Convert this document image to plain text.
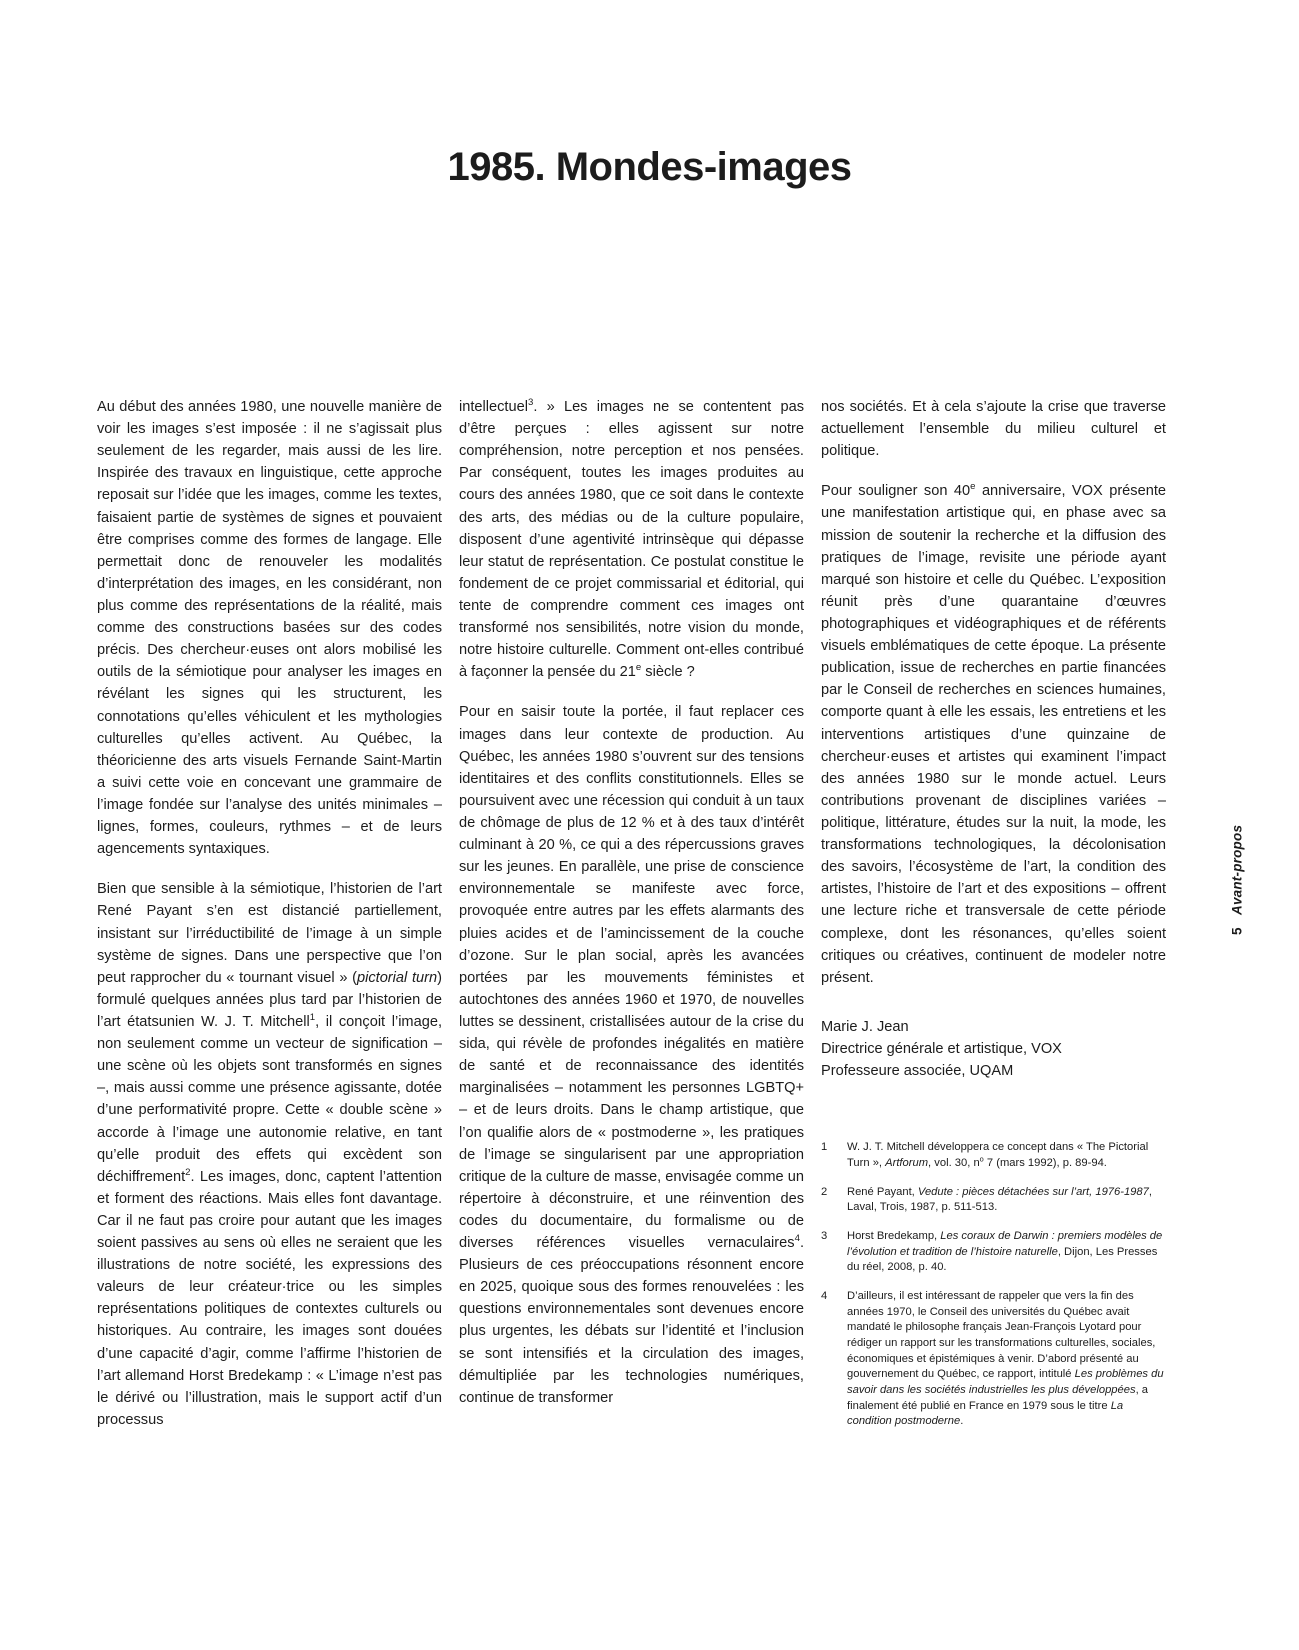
1985. Mondes-images

Au début des années 1980, une nouvelle manière de voir les images s’est imposée : il ne s’agissait plus seulement de les regarder, mais aussi de les lire. Inspirée des travaux en linguistique, cette approche reposait sur l’idée que les images, comme les textes, faisaient partie de systèmes de signes et pouvaient être comprises comme des formes de langage. Elle permettait donc de renouveler les modalités d’interprétation des images, en les considérant, non plus comme des représentations de la réalité, mais comme des constructions basées sur des codes précis. Des chercheur·euses ont alors mobilisé les outils de la sémiotique pour analyser les images en révélant les signes qui les structurent, les connotations qu’elles véhiculent et les mythologies culturelles qu’elles activent. Au Québec, la théoricienne des arts visuels Fernande Saint-Martin a suivi cette voie en concevant une grammaire de l’image fondée sur l’analyse des unités minimales – lignes, formes, couleurs, rythmes – et de leurs agencements syntaxiques.

Bien que sensible à la sémiotique, l’historien de l’art René Payant s’en est distancié partiellement, insistant sur l’irréductibilité de l’image à un simple système de signes. Dans une perspective que l’on peut rapprocher du « tournant visuel » (pictorial turn) formulé quelques années plus tard par l’historien de l’art étatsunien W. J. T. Mitchell$^1$, il conçoit l’image, non seulement comme un vecteur de signification – une scène où les objets sont transformés en signes –, mais aussi comme une présence agissante, dotée d’une performativité propre. Cette « double scène » accorde à l’image une autonomie relative, en tant qu’elle produit des effets qui excèdent son déchiffrement$^2$. Les images, donc, captent l’attention et forment des réactions. Mais elles font davantage. Car il ne faut pas croire pour autant que les images soient passives au sens où elles ne seraient que les illustrations de notre société, les expressions des valeurs de leur créateur·trice ou les simples représentations politiques de contextes culturels ou historiques. Au contraire, les images sont douées d’une capacité d’agir, comme l’affirme l’historien de l’art allemand Horst Bredekamp : « L’image n’est pas le dérivé ou l’illustration, mais le support actif d’un processus

intellectuel$^3$. » Les images ne se contentent pas d’être perçues : elles agissent sur notre compréhension, notre perception et nos pensées. Par conséquent, toutes les images produites au cours des années 1980, que ce soit dans le contexte des arts, des médias ou de la culture populaire, disposent d’une agentivité intrinsèque qui dépasse leur statut de représentation. Ce postulat constitue le fondement de ce projet commissarial et éditorial, qui tente de comprendre comment ces images ont transformé nos sensibilités, notre vision du monde, notre histoire culturelle. Comment ont-elles contribué à façonner la pensée du 21e siècle ?

Pour en saisir toute la portée, il faut replacer ces images dans leur contexte de production. Au Québec, les années 1980 s’ouvrent sur des tensions identitaires et des conflits constitutionnels. Elles se poursuivent avec une récession qui conduit à un taux de chômage de plus de 12 % et à des taux d’intérêt culminant à 20 %, ce qui a des répercussions graves sur les jeunes. En parallèle, une prise de conscience environnementale se manifeste avec force, provoquée entre autres par les effets alarmants des pluies acides et de l’amincissement de la couche d’ozone. Sur le plan social, après les avancées portées par les mouvements féministes et autochtones des années 1960 et 1970, de nouvelles luttes se dessinent, cristallisées autour de la crise du sida, qui révèle de profondes inégalités en matière de santé et de reconnaissance des identités marginalisées – notamment les personnes LGBTQ+ – et de leurs droits. Dans le champ artistique, que l’on qualifie alors de « postmoderne », les pratiques de l’image se singularisent par une appropriation critique de la culture de masse, envisagée comme un répertoire à déconstruire, et une réinvention des codes du documentaire, du formalisme ou de diverses références visuelles vernaculaires$^4$. Plusieurs de ces préoccupations résonnent encore en 2025, quoique sous des formes renouvelées : les questions environnementales sont devenues encore plus urgentes, les débats sur l’identité et l’inclusion se sont intensifiés et la circulation des images, démultipliée par les technologies numériques, continue de transformer

nos sociétés. Et à cela s’ajoute la crise que traverse actuellement l’ensemble du milieu culturel et politique.

Pour souligner son 40e anniversaire, VOX présente une manifestation artistique qui, en phase avec sa mission de soutenir la recherche et la diffusion des pratiques de l’image, revisite une période ayant marqué son histoire et celle du Québec. L’exposition réunit près d’une quarantaine d’œuvres photographiques et vidéographiques et de référents visuels emblématiques de cette époque. La présente publication, issue de recherches en partie financées par le Conseil de recherches en sciences humaines, comporte quant à elle les essais, les entretiens et les interventions artistiques d’une quinzaine de chercheur·euses et artistes qui examinent l’impact des années 1980 sur le monde actuel. Leurs contributions provenant de disciplines variées – politique, littérature, études sur la nuit, la mode, les transformations technologiques, la décolonisation des savoirs, l’écosystème de l’art, la condition des artistes, l’histoire de l’art et des expositions – offrent une lecture riche et transversale de cette période complexe, dont les résonances, qu’elles soient critiques ou créatives, continuent de modeler notre présent.

Marie J. Jean
Directrice générale et artistique, VOX
Professeure associée, UQAM
1	W. J. T. Mitchell développera ce concept dans « The Pictorial Turn », Artforum, vol. 30, $n^o$ 7 (mars 1992), p. 89-94.
2	René Payant, Vedute : pièces détachées sur l’art, 1976-1987, Laval, Trois, 1987, p. 511-513.
3	Horst Bredekamp, Les coraux de Darwin : premiers modèles de l’évolution et tradition de l’histoire naturelle, Dijon, Les Presses du réel, 2008, p. 40.
4	D’ailleurs, il est intéressant de rappeler que vers la fin des années 1970, le Conseil des universités du Québec avait mandaté le philosophe français Jean-François Lyotard pour rédiger un rapport sur les transformations culturelles, sociales, économiques et épistémiques à venir. D’abord présenté au gouvernement du Québec, ce rapport, intitulé Les problèmes du savoir dans les sociétés industrielles les plus développées, a finalement été publié en France en 1979 sous le titre La condition postmoderne.
5
Avant-propos
